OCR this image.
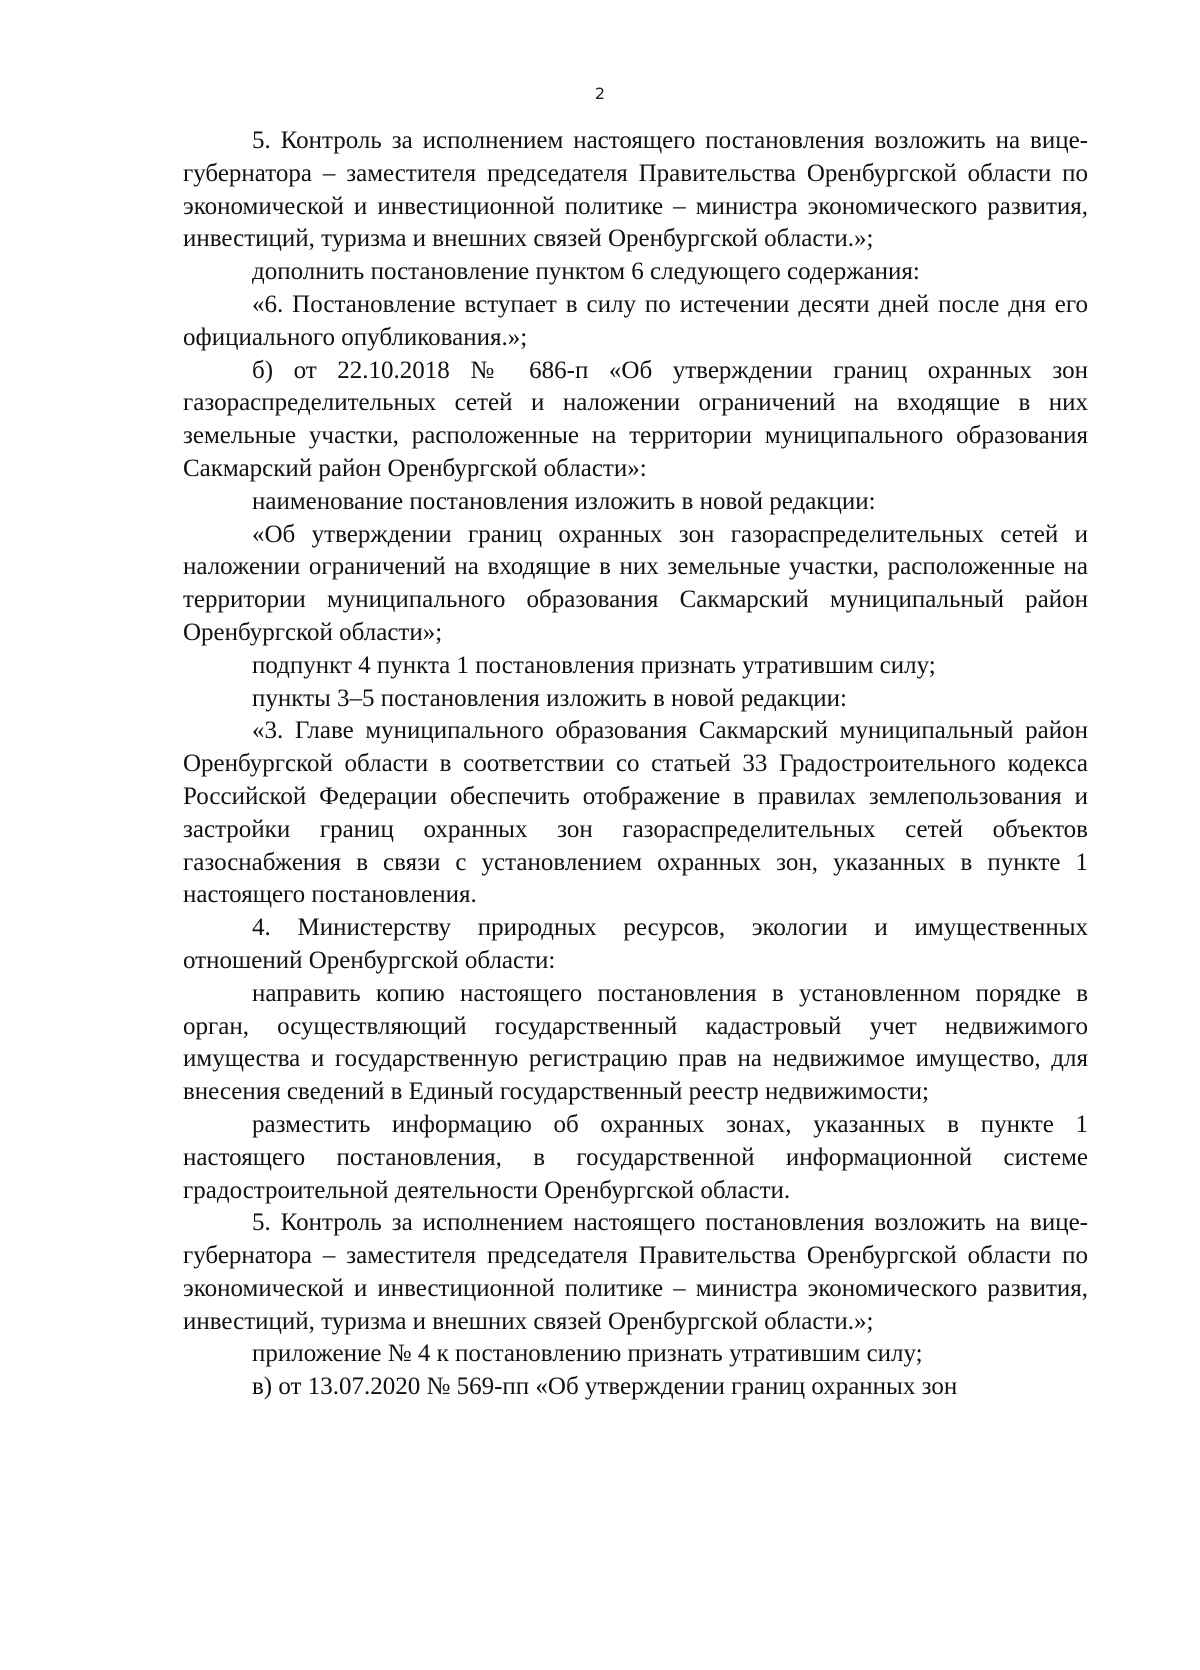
2

5. Контроль за исполнением настоящего постановления возложить на вице-губернатора – заместителя председателя Правительства Оренбургской области по экономической и инвестиционной политике – министра экономического развития, инвестиций, туризма и внешних связей Оренбургской области.»;

дополнить постановление пунктом 6 следующего содержания:

«6. Постановление вступает в силу по истечении десяти дней после дня его официального опубликования.»;

б) от 22.10.2018 № 686-п «Об утверждении границ охранных зон газораспределительных сетей и наложении ограничений на входящие в них земельные участки, расположенные на территории муниципального образования Сакмарский район Оренбургской области»:

наименование постановления изложить в новой редакции:

«Об утверждении границ охранных зон газораспределительных сетей и наложении ограничений на входящие в них земельные участки, расположенные на территории муниципального образования Сакмарский муниципальный район Оренбургской области»;

подпункт 4 пункта 1 постановления признать утратившим силу;

пункты 3–5 постановления изложить в новой редакции:

«3. Главе муниципального образования Сакмарский муниципальный район Оренбургской области в соответствии со статьей 33 Градостроительного кодекса Российской Федерации обеспечить отображение в правилах землепользования и застройки границ охранных зон газораспределительных сетей объектов газоснабжения в связи с установлением охранных зон, указанных в пункте 1 настоящего постановления.

4. Министерству природных ресурсов, экологии и имущественных отношений Оренбургской области:

направить копию настоящего постановления в установленном порядке в орган, осуществляющий государственный кадастровый учет недвижимого имущества и государственную регистрацию прав на недвижимое имущество, для внесения сведений в Единый государственный реестр недвижимости;

разместить информацию об охранных зонах, указанных в пункте 1 настоящего постановления, в государственной информационной системе градостроительной деятельности Оренбургской области.

5. Контроль за исполнением настоящего постановления возложить на вице-губернатора – заместителя председателя Правительства Оренбургской области по экономической и инвестиционной политике – министра экономического развития, инвестиций, туризма и внешних связей Оренбургской области.»;

приложение № 4 к постановлению признать утратившим силу;

в) от 13.07.2020 № 569-пп «Об утверждении границ охранных зон
